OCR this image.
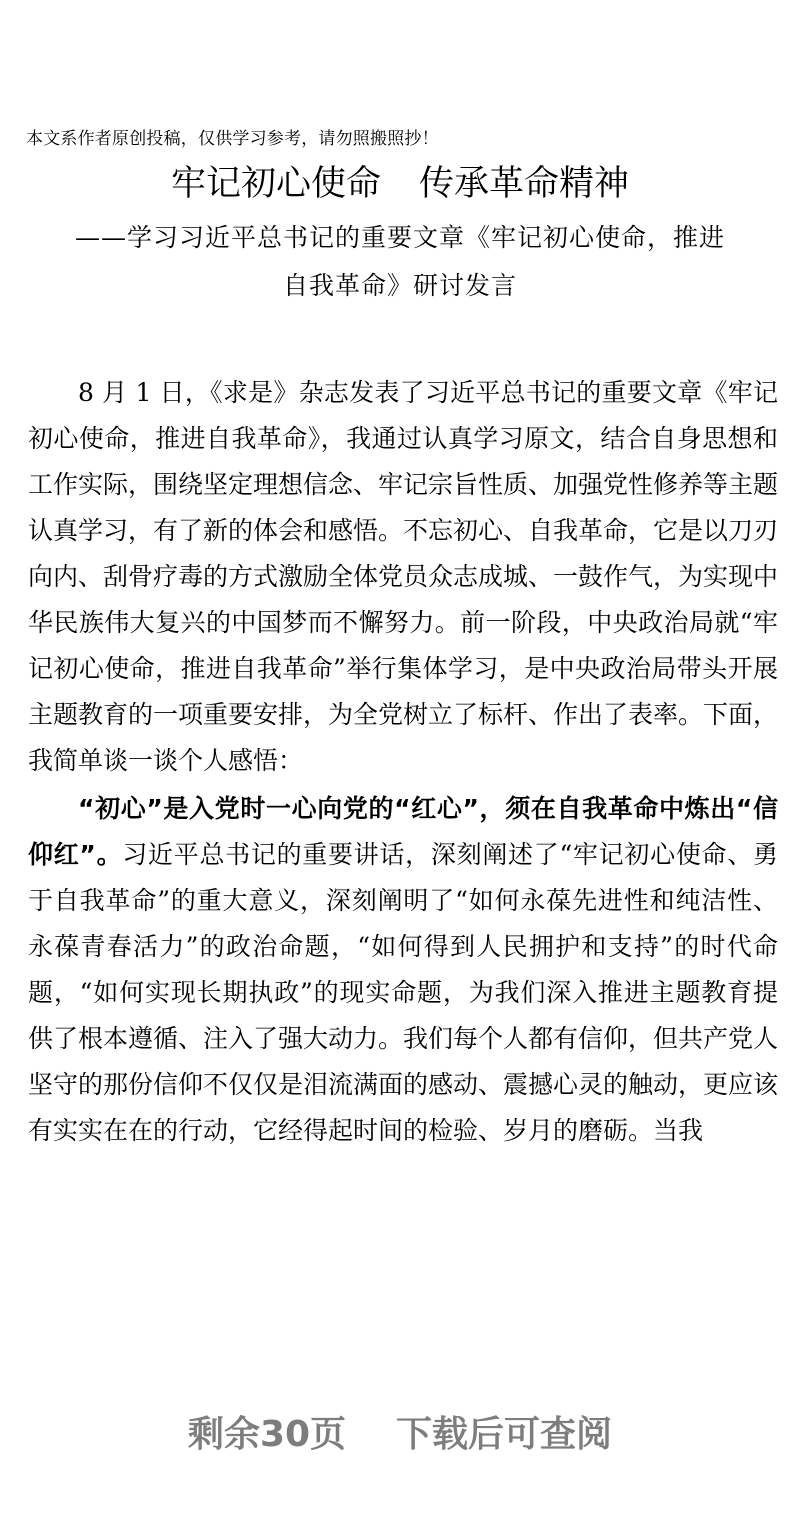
本文系作者原创投稿，仅供学习参考，请勿照搬照抄！
牢记初心使命 传承革命精神
——学习习近平总书记的重要文章《牢记初心使命，推进
自我革命》研讨发言

8 月 1 日，《求是》杂志发表了习近平总书记的重要文章《牢记初心使命，推进自我革命》，我通过认真学习原文，结合自身思想和工作实际，围绕坚定理想信念、牢记宗旨性质、加强党性修养等主题认真学习，有了新的体会和感悟。不忘初心、自我革命，它是以刀刃向内、刮骨疗毒的方式激励全体党员众志成城、一鼓作气，为实现中华民族伟大复兴的中国梦而不懈努力。前一阶段，中央政治局就“牢记初心使命，推进自我革命”举行集体学习，是中央政治局带头开展主题教育的一项重要安排，为全党树立了标杆、作出了表率。下面，我简单谈一谈个人感悟：

“初心”是入党时一心向党的“红心”，须在自我革命中炼出“信仰红”。习近平总书记的重要讲话，深刻阐述了“牢记初心使命、勇于自我革命”的重大意义，深刻阐明了“如何永葆先进性和纯洁性、永葆青春活力”的政治命题，“如何得到人民拥护和支持”的时代命题，“如何实现长期执政”的现实命题，为我们深入推进主题教育提供了根本遵循、注入了强大动力。我们每个人都有信仰，但共产党人坚守的那份信仰不仅仅是泪流满面的感动、震撼心灵的触动，更应该有实实在在的行动，它经得起时间的检验、岁月的磨砺。当我

剩余30页 下载后可查阅
